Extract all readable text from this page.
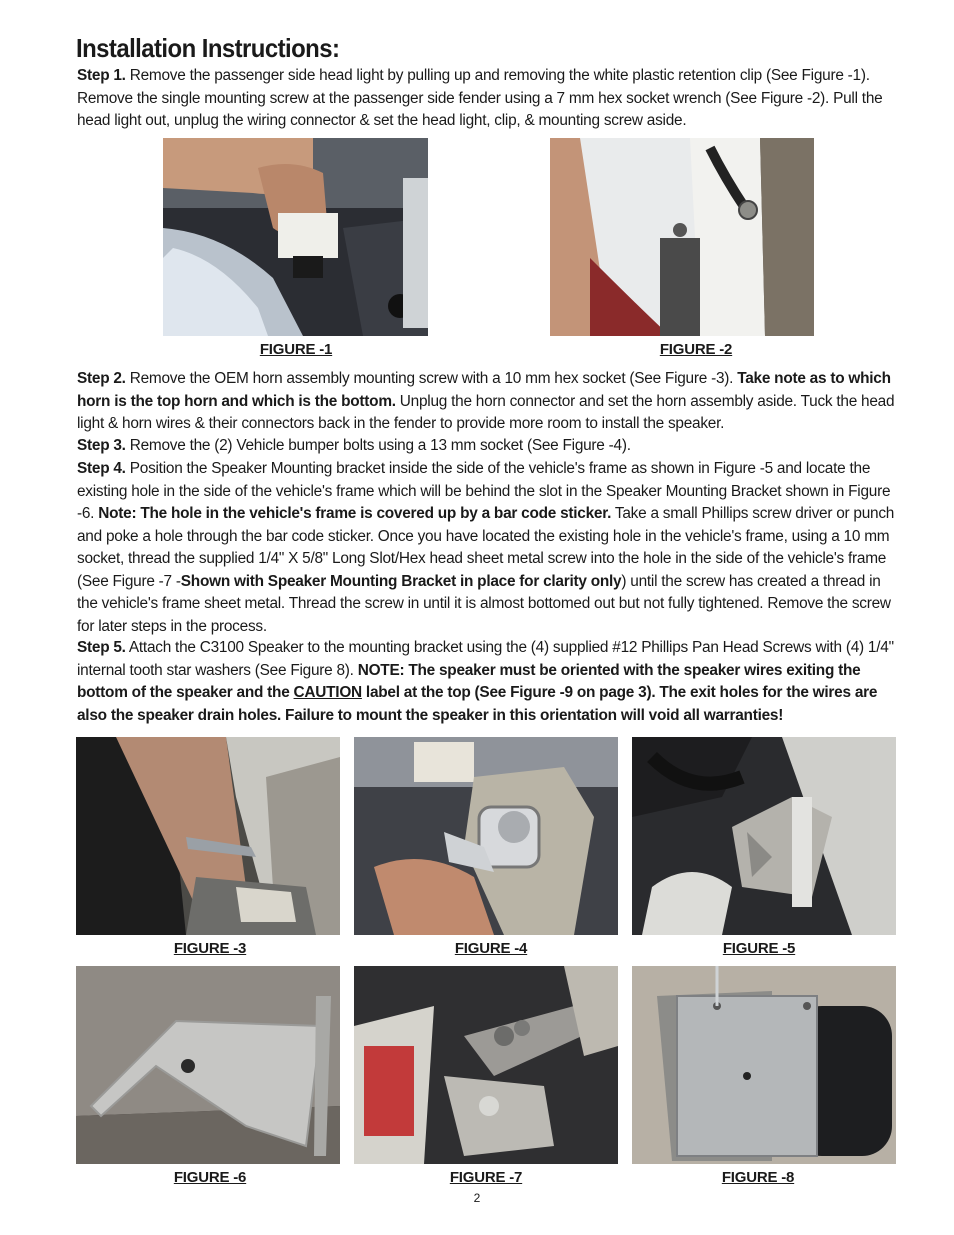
Installation Instructions:
Step 1. Remove the passenger side head light by pulling up and removing the white plastic retention clip (See Figure -1). Remove the single mounting screw at the passenger side fender using a 7 mm hex socket wrench (See Figure -2). Pull the head light out, unplug the wiring connector & set the head light, clip, & mounting screw aside.
FIGURE -1	FIGURE -2
Step 2. Remove the OEM horn assembly mounting screw with a 10 mm hex socket (See Figure -3). Take note as to which horn is the top horn and which is the bottom. Unplug the horn connector and set the horn assembly aside. Tuck the head light & horn wires & their connectors back in the fender to provide more room to install the speaker.
Step 3. Remove the (2) Vehicle bumper bolts using a 13 mm socket (See Figure -4).
Step 4. Position the Speaker Mounting bracket inside the side of the vehicle's frame as shown in Figure -5 and locate the existing hole in the side of the vehicle's frame which will be behind the slot in the Speaker Mounting Bracket shown in Figure -6. Note: The hole in the vehicle's frame is covered up by a bar code sticker. Take a small Phillips screw driver or punch and poke a hole through the bar code sticker. Once you have located the existing hole in the vehicle's frame, using a 10 mm socket, thread the supplied 1/4" X 5/8" Long Slot/Hex head sheet metal screw into the hole in the side of the vehicle's frame (See Figure -7 -Shown with Speaker Mounting Bracket in place for clarity only) until the screw has created a thread in the vehicle's frame sheet metal. Thread the screw in until it is almost bottomed out but not fully tightened. Remove the screw for later steps in the process.
Step 5. Attach the C3100 Speaker to the mounting bracket using the (4) supplied #12 Phillips Pan Head Screws with (4) 1/4" internal tooth star washers (See Figure 8). NOTE: The speaker must be oriented with the speaker wires exiting the bottom of the speaker and the CAUTION label at the top (See Figure -9 on page 3). The exit holes for the wires are also the speaker drain holes. Failure to mount the speaker in this orientation will void all warranties!
FIGURE -3	FIGURE -4	FIGURE -5
FIGURE -6	FIGURE -7	FIGURE -8
2
